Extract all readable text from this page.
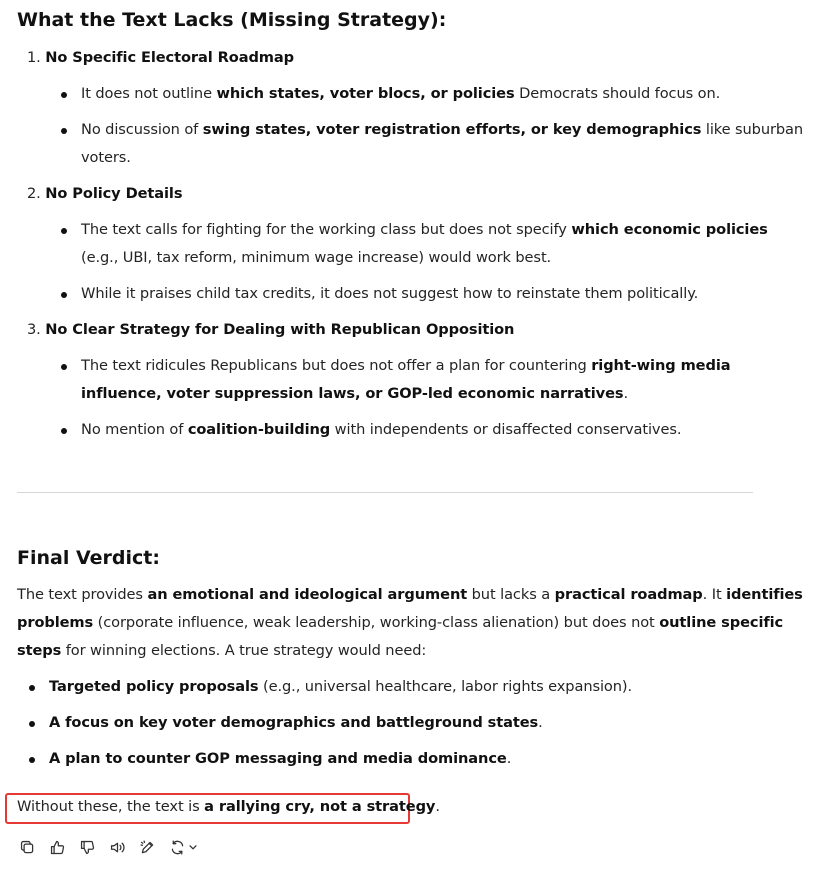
What the Text Lacks (Missing Strategy):
1. No Specific Electoral Roadmap
It does not outline which states, voter blocs, or policies Democrats should focus on.
No discussion of swing states, voter registration efforts, or key demographics like suburban
voters.
2. No Policy Details
The text calls for fighting for the working class but does not specify which economic policies
(e.g., UBI, tax reform, minimum wage increase) would work best.
While it praises child tax credits, it does not suggest how to reinstate them politically.
3. No Clear Strategy for Dealing with Republican Opposition
The text ridicules Republicans but does not offer a plan for countering right-wing media
influence, voter suppression laws, or GOP-led economic narratives.
No mention of coalition-building with independents or disaffected conservatives.
Final Verdict:
The text provides an emotional and ideological argument but lacks a practical roadmap. It identifies
problems (corporate influence, weak leadership, working-class alienation) but does not outline specific
steps for winning elections. A true strategy would need:
Targeted policy proposals (e.g., universal healthcare, labor rights expansion).
A focus on key voter demographics and battleground states.
A plan to counter GOP messaging and media dominance.
Without these, the text is a rallying cry, not a strategy.
